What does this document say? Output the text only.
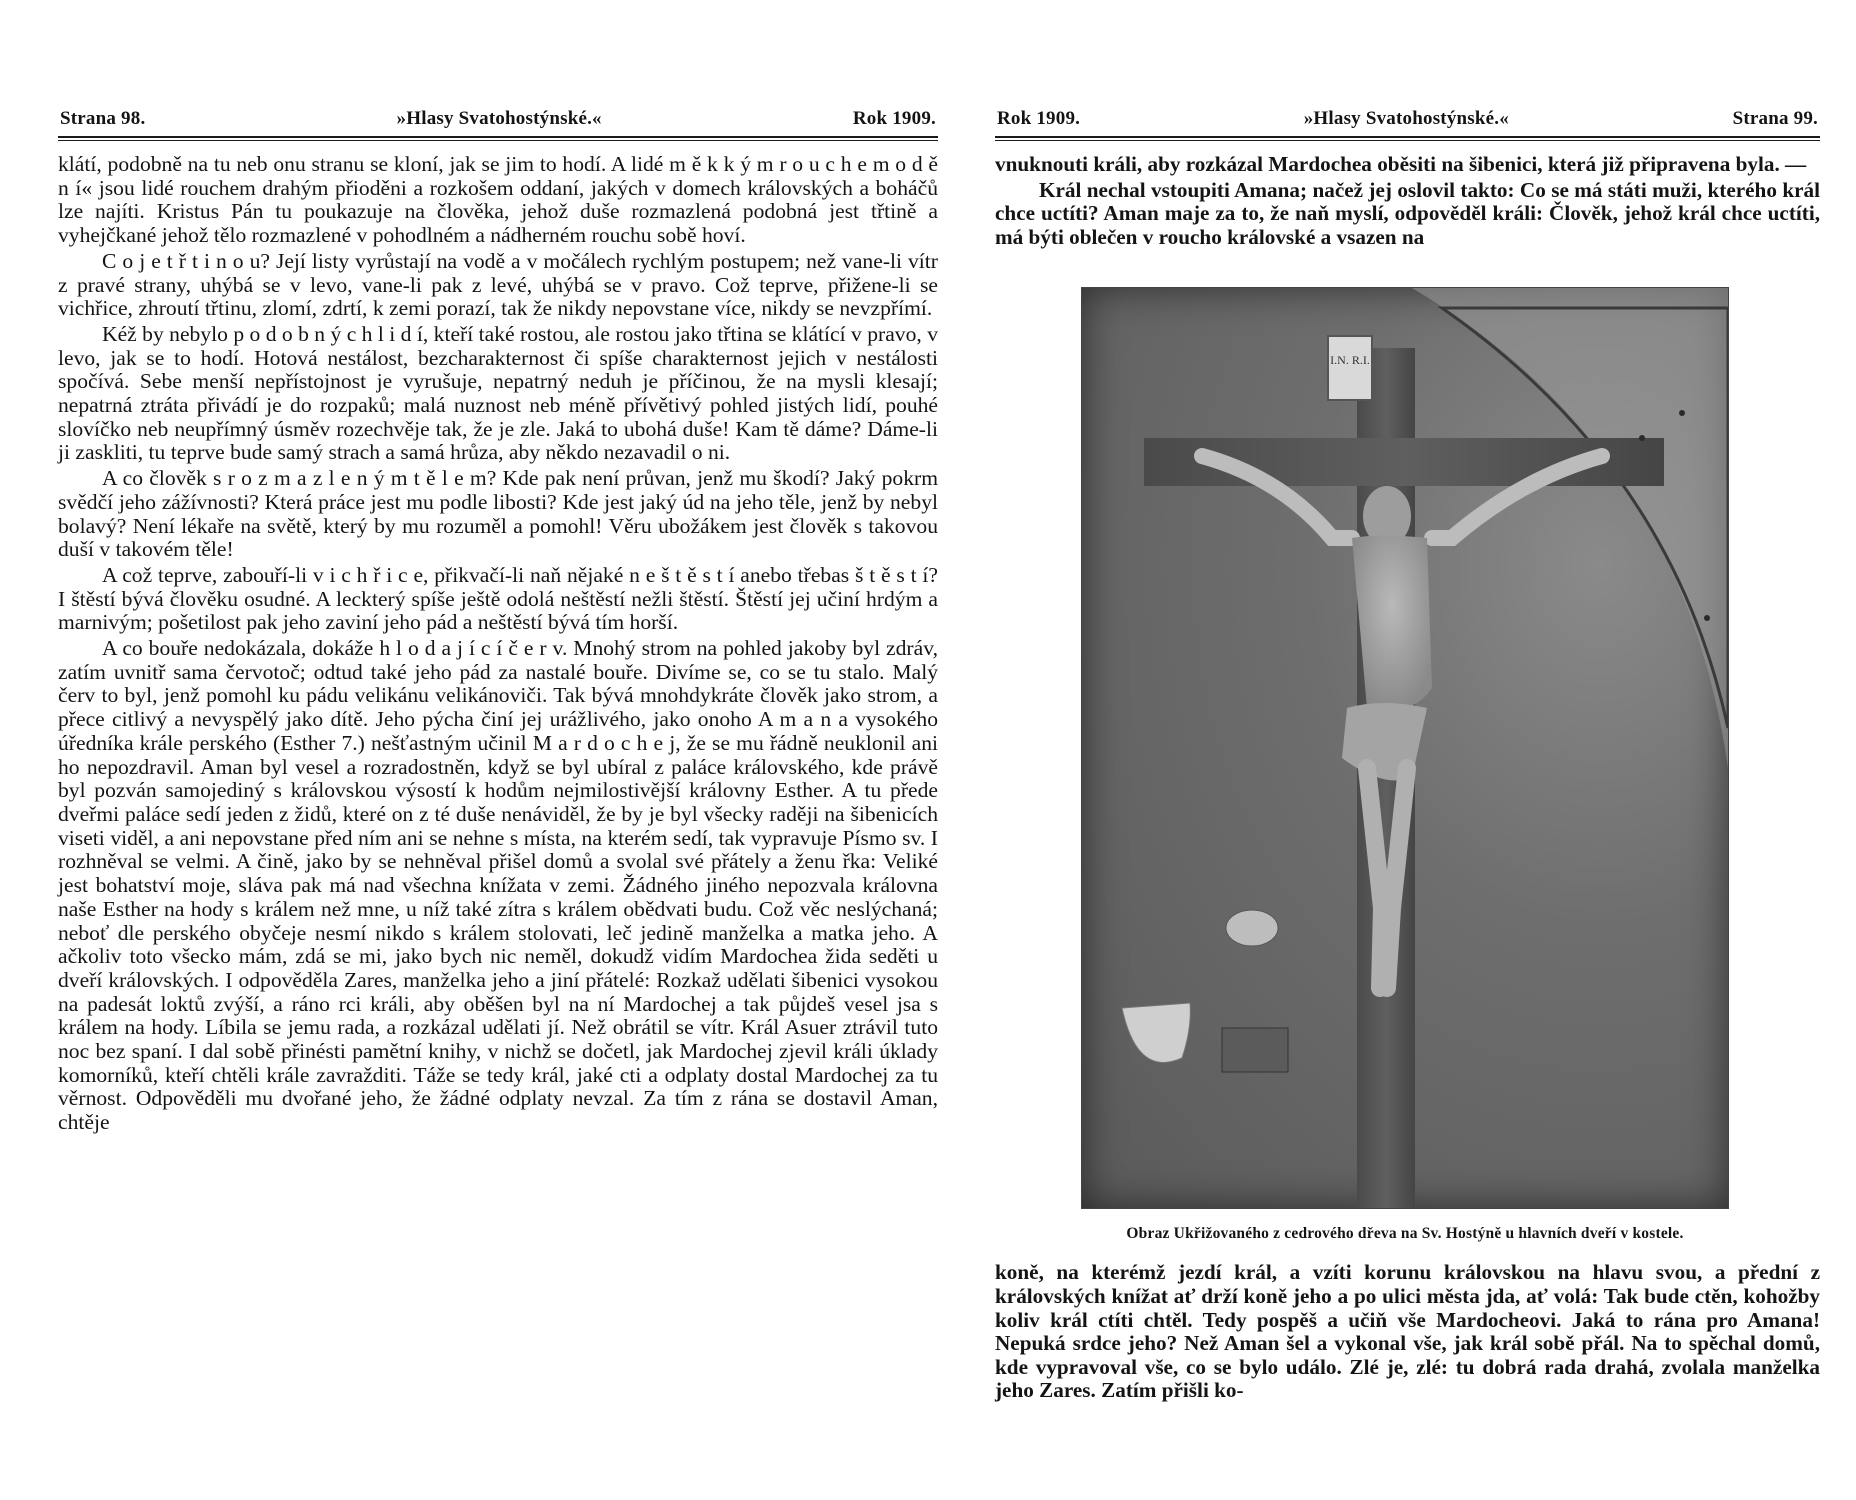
Strana 98.	»Hlasy Svatohostýnské.«	Rok 1909.

klátí, podobně na tu neb onu stranu se kloní, jak se jim to hodí. A lidé m ě k k ý m r o u c h e m o d ě n í« jsou lidé rouchem drahým přioděni a rozkošem oddaní, jakých v domech královských a boháčů lze najíti. Kristus Pán tu poukazuje na člověka, jehož duše rozmazlená podobná jest třtině a vyhejčkané jehož tělo rozmazlené v pohodlném a nádherném rouchu sobě hoví.

C o j e t ř t i n o u? Její listy vyrůstají na vodě a v močálech rychlým postupem; než vane-li vítr z pravé strany, uhýbá se v levo, vane-li pak z levé, uhýbá se v pravo. Což teprve, přižene-li se vichřice, zhroutí třtinu, zlomí, zdrtí, k zemi porazí, tak že nikdy nepovstane více, nikdy se nevzpřímí.

Kéž by nebylo p o d o b n ý c h l i d í, kteří také rostou, ale rostou jako třtina se klátící v pravo, v levo, jak se to hodí. Hotová nestálost, bezcharakternost či spíše charakternost jejich v nestálosti spočívá. Sebe menší nepřístojnost je vyrušuje, nepatrný neduh je příčinou, že na mysli klesají; nepatrná ztráta přivádí je do rozpaků; malá nuznost neb méně přívětivý pohled jistých lidí, pouhé slovíčko neb neupřímný úsměv rozechvěje tak, že je zle. Jaká to ubohá duše! Kam tě dáme? Dáme-li ji zaskliti, tu teprve bude samý strach a samá hrůza, aby někdo nezavadil o ni.

A co člověk s r o z m a z l e n ý m t ě l e m? Kde pak není průvan, jenž mu škodí? Jaký pokrm svědčí jeho zážívnosti? Která práce jest mu podle libosti? Kde jest jaký úd na jeho těle, jenž by nebyl bolavý? Není lékaře na světě, který by mu rozuměl a pomohl! Věru ubožákem jest člověk s takovou duší v takovém těle!

A což teprve, zabouří-li v i c h ř i c e, přikvačí-li naň nějaké n e š t ě s t í anebo třebas š t ě s t í? I štěstí bývá člověku osudné. A leckterý spíše ještě odolá neštěstí nežli štěstí. Štěstí jej učiní hrdým a marnivým; pošetilost pak jeho zaviní jeho pád a neštěstí bývá tím horší.

A co bouře nedokázala, dokáže h l o d a j í c í č e r v. Mnohý strom na pohled jakoby byl zdráv, zatím uvnitř sama červotoč; odtud také jeho pád za nastalé bouře. Divíme se, co se tu stalo. Malý červ to byl, jenž pomohl ku pádu velikánu velikánoviči. Tak bývá mnohdykráte člověk jako strom, a přece citlivý a nevyspělý jako dítě. Jeho pýcha činí jej urážlivého, jako onoho A m a n a vysokého úředníka krále perského (Esther 7.) nešťastným učinil M a r d o c h e j, že se mu řádně neuklonil ani ho nepozdravil. Aman byl vesel a rozradostněn, když se byl ubíral z paláce královského, kde právě byl pozván samojediný s královskou výsostí k hodům nejmilostivější královny Esther. A tu přede dveřmi paláce sedí jeden z židů, které on z té duše nenáviděl, že by je byl všecky raději na šibenicích viseti viděl, a ani nepovstane před ním ani se nehne s místa, na kterém sedí, tak vypravuje Písmo sv. I rozhněval se velmi. A čině, jako by se nehněval přišel domů a svolal své přátely a ženu řka: Veliké jest bohatství moje, sláva pak má nad všechna knížata v zemi. Žádného jiného nepozvala královna naše Esther na hody s králem než mne, u níž také zítra s králem obědvati budu. Což věc neslýchaná; neboť dle perského obyčeje nesmí nikdo s králem stolovati, leč jedině manželka a matka jeho. A ačkoliv toto všecko mám, zdá se mi, jako bych nic neměl, dokudž vidím Mardochea žida seděti u dveří královských. I odpověděla Zares, manželka jeho a jiní přátelé: Rozkaž udělati šibenici vysokou na padesát loktů zvýší, a ráno rci králi, aby oběšen byl na ní Mardochej a tak půjdeš vesel jsa s králem na hody. Líbila se jemu rada, a rozkázal udělati jí. Než obrátil se vítr. Král Asuer ztrávil tuto noc bez spaní. I dal sobě přinésti pamětní knihy, v nichž se dočetl, jak Mardochej zjevil králi úklady komorníků, kteří chtěli krále zavražditi. Táže se tedy král, jaké cti a odplaty dostal Mardochej za tu věrnost. Odpověděli mu dvořané jeho, že žádné odplaty nevzal. Za tím z rána se dostavil Aman, chtěje

Rok 1909.	»Hlasy Svatohostýnské.«	Strana 99.

vnuknouti králi, aby rozkázal Mardochea oběsiti na šibenici, která již připravena byla. —

Král nechal vstoupiti Amana; načež jej oslovil takto: Co se má státi muži, kterého král chce uctíti? Aman maje za to, že naň myslí, odpověděl králi: Člověk, jehož král chce uctíti, má býti oblečen v roucho královské a vsazen na

I.N. R.I.
Obraz Ukřižovaného z cedrového dřeva na Sv. Hostýně u hlavních dveří v kostele.

koně, na kterémž jezdí král, a vzíti korunu královskou na hlavu svou, a přední z královských knížat ať drží koně jeho a po ulici města jda, ať volá: Tak bude ctěn, kohožby koliv král ctíti chtěl. Tedy pospěš a učiň vše Mardocheovi. Jaká to rána pro Amana! Nepuká srdce jeho? Než Aman šel a vykonal vše, jak král sobě přál. Na to spěchal domů, kde vypravoval vše, co se bylo událo. Zlé je, zlé: tu dobrá rada drahá, zvolala manželka jeho Zares. Zatím přišli ko-
